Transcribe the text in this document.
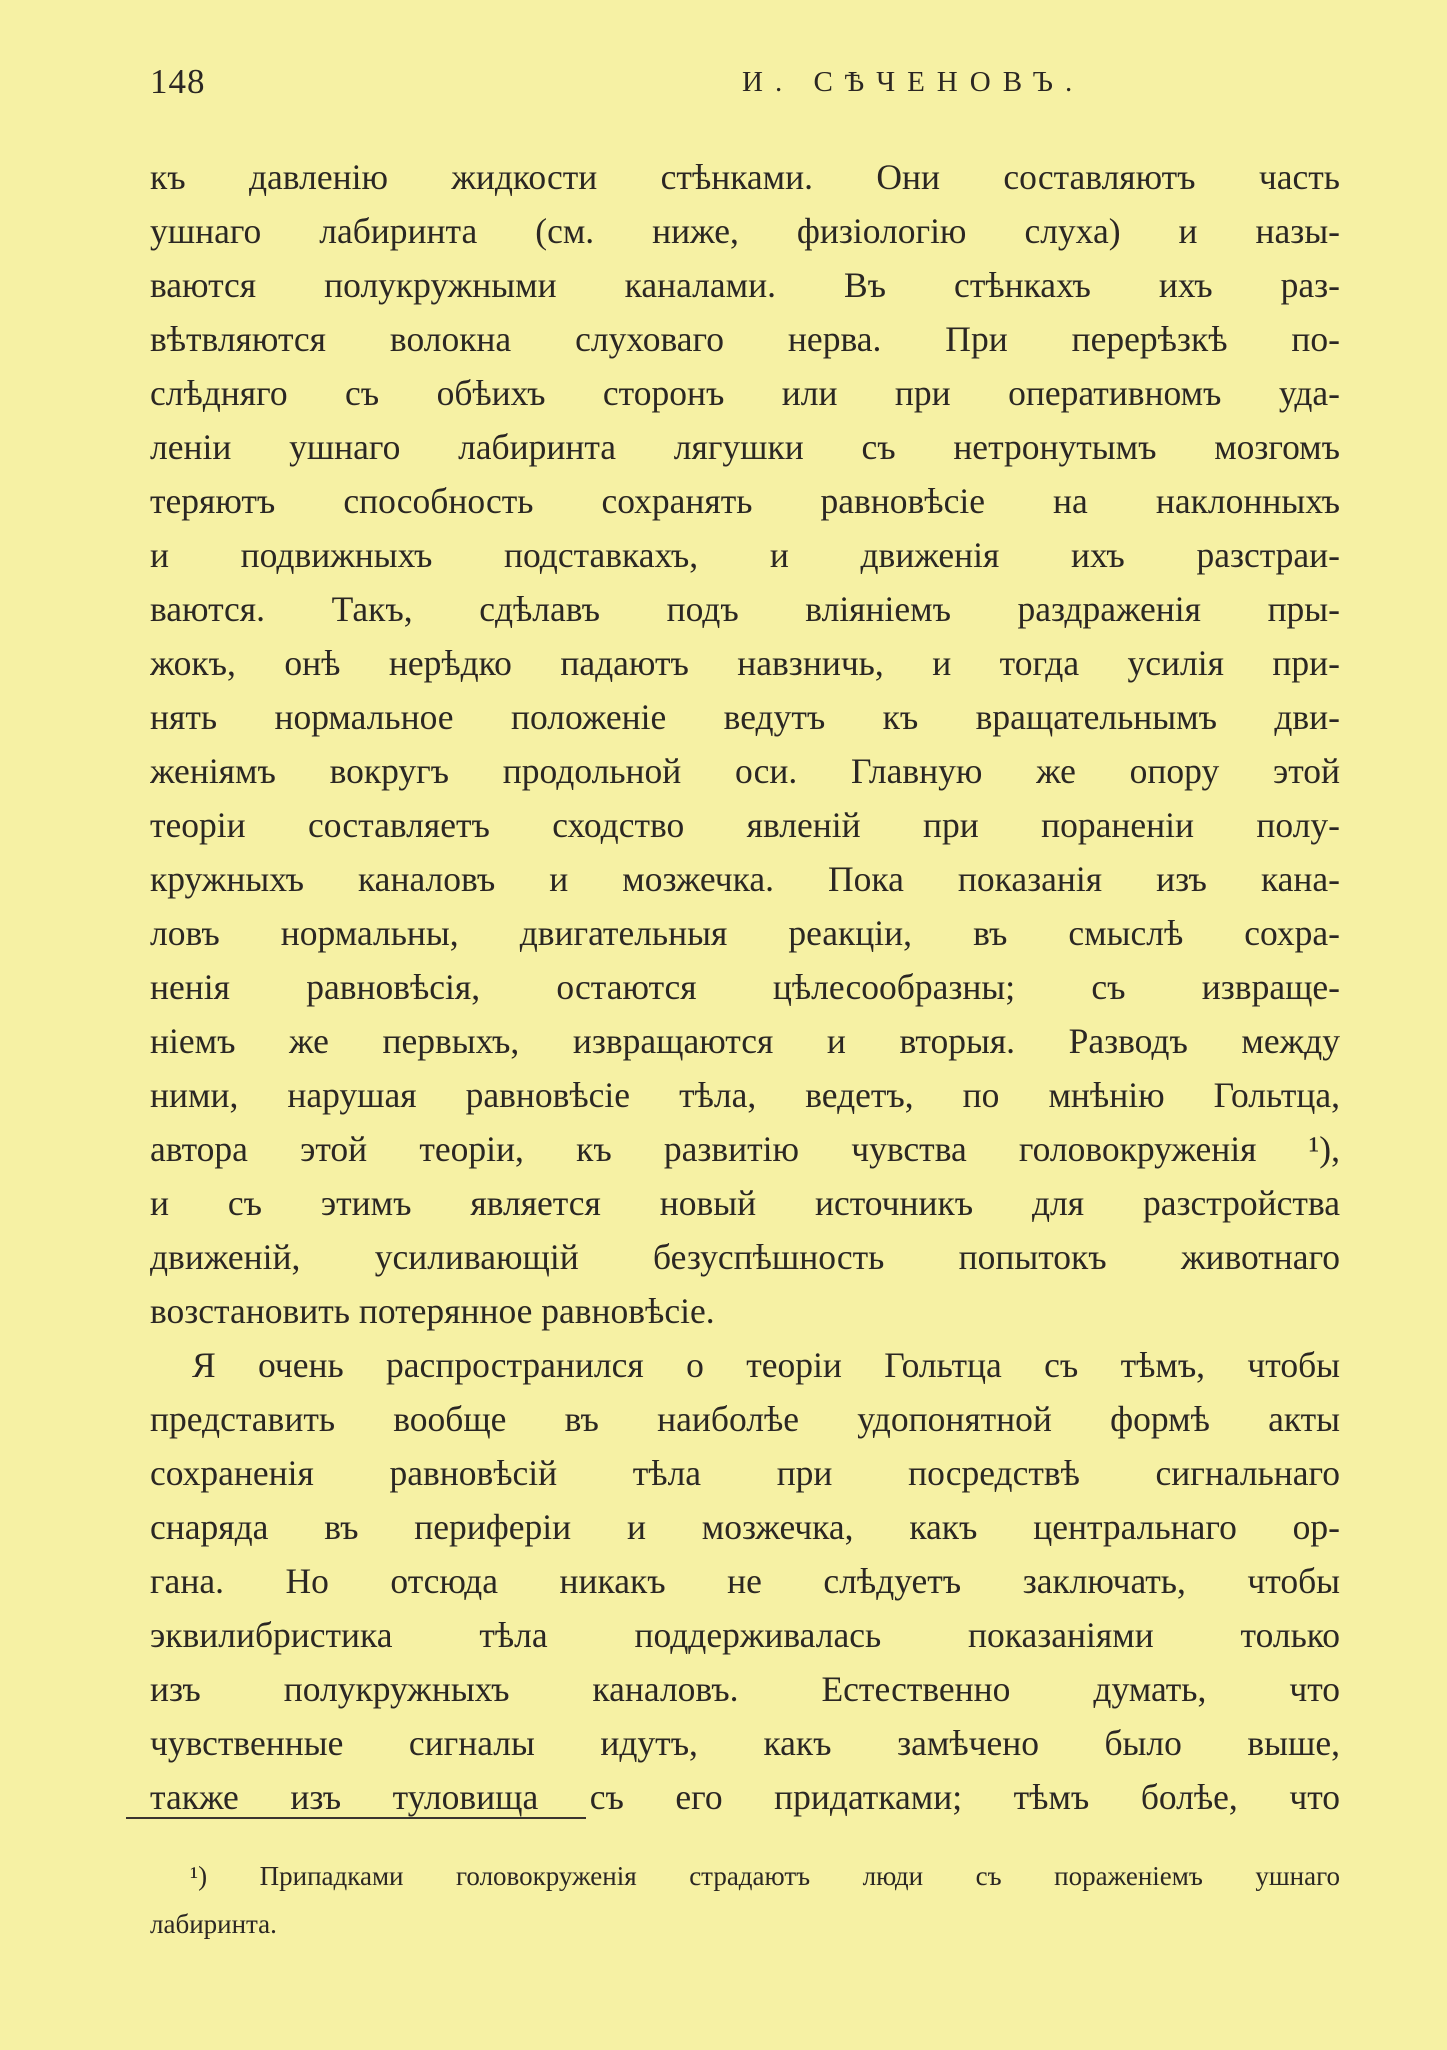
148	И. СѢЧЕНОВЪ.
къ давленію жидкости стѣнками. Они составляютъ часть
ушнаго лабиринта (см. ниже, физіологію слуха) и назы-
ваются полукружными каналами. Въ стѣнкахъ ихъ раз-
вѣтвляются волокна слуховаго нерва. При перерѣзкѣ по-
слѣдняго съ обѣихъ сторонъ или при оперативномъ уда-
леніи ушнаго лабиринта лягушки съ нетронутымъ мозгомъ
теряютъ способность сохранять равновѣсіе на наклонныхъ
и подвижныхъ подставкахъ, и движенія ихъ разстраи-
ваются. Такъ, сдѣлавъ подъ вліяніемъ раздраженія пры-
жокъ, онѣ нерѣдко падаютъ навзничь, и тогда усилія при-
нять нормальное положеніе ведутъ къ вращательнымъ дви-
женіямъ вокругъ продольной оси. Главную же опору этой
теоріи составляетъ сходство явленій при пораненіи полу-
кружныхъ каналовъ и мозжечка. Пока показанія изъ кана-
ловъ нормальны, двигательныя реакціи, въ смыслѣ сохра-
ненія равновѣсія, остаются цѣлесообразны; съ извраще-
ніемъ же первыхъ, извращаются и вторыя. Разводъ между
ними, нарушая равновѣсіе тѣла, ведетъ, по мнѣнію Гольтца,
автора этой теоріи, къ развитію чувства головокруженія ¹),
и съ этимъ является новый источникъ для разстройства
движеній, усиливающій безуспѣшность попытокъ животнаго
возстановить потерянное равновѣсіе.
Я очень распространился о теоріи Гольтца съ тѣмъ, чтобы
представить вообще въ наиболѣе удопонятной формѣ акты
сохраненія равновѣсій тѣла при посредствѣ сигнальнаго
снаряда въ периферіи и мозжечка, какъ центральнаго ор-
гана. Но отсюда никакъ не слѣдуетъ заключать, чтобы
эквилибристика тѣла поддерживалась показаніями только
изъ полукружныхъ каналовъ. Естественно думать, что
чувственные сигналы идутъ, какъ замѣчено было выше,
также изъ туловища съ его придатками; тѣмъ болѣе, что
¹) Припадками головокруженія страдаютъ люди съ пораженіемъ ушнаго
лабиринта.
